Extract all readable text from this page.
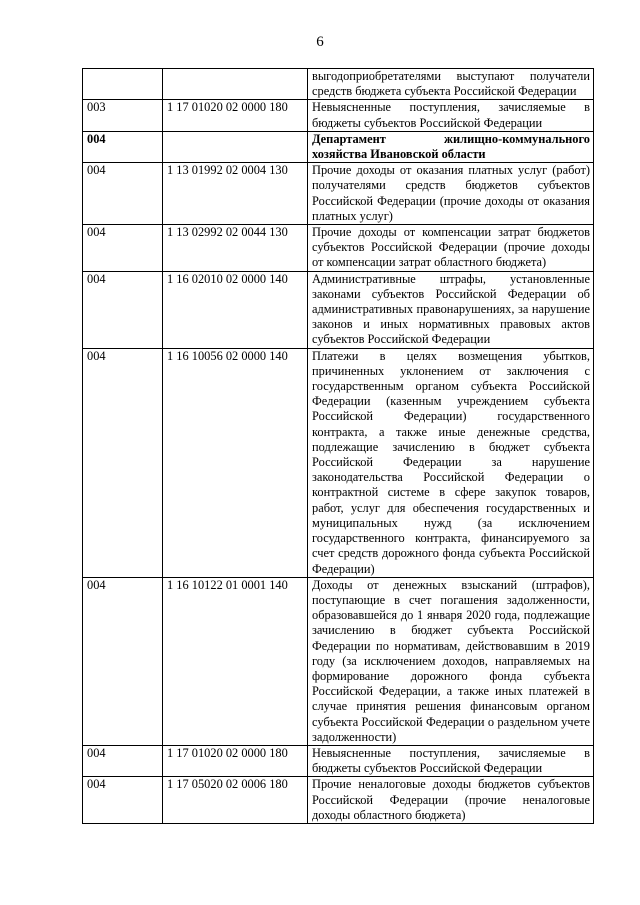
6
		выгодоприобретателями выступают получатели средств бюджета субъекта Российской Федерации
003	1 17 01020 02 0000 180	Невыясненные поступления, зачисляемые в бюджеты субъектов Российской Федерации
004		Департамент жилищно-коммунального хозяйства Ивановской области
004	1 13 01992 02 0004 130	Прочие доходы от оказания платных услуг (работ) получателями средств бюджетов субъектов Российской Федерации (прочие доходы от оказания платных услуг)
004	1 13 02992 02 0044 130	Прочие доходы от компенсации затрат бюджетов субъектов Российской Федерации (прочие доходы от компенсации затрат областного бюджета)
004	1 16 02010 02 0000 140	Административные штрафы, установленные законами субъектов Российской Федерации об административных правонарушениях, за нарушение законов и иных нормативных правовых актов субъектов Российской Федерации
004	1 16 10056 02 0000 140	Платежи в целях возмещения убытков, причиненных уклонением от заключения с государственным органом субъекта Российской Федерации (казенным учреждением субъекта Российской Федерации) государственного контракта, а также иные денежные средства, подлежащие зачислению в бюджет субъекта Российской Федерации за нарушение законодательства Российской Федерации о контрактной системе в сфере закупок товаров, работ, услуг для обеспечения государственных и муниципальных нужд (за исключением государственного контракта, финансируемого за счет средств дорожного фонда субъекта Российской Федерации)
004	1 16 10122 01 0001 140	Доходы от денежных взысканий (штрафов), поступающие в счет погашения задолженности, образовавшейся до 1 января 2020 года, подлежащие зачислению в бюджет субъекта Российской Федерации по нормативам, действовавшим в 2019 году (за исключением доходов, направляемых на формирование дорожного фонда субъекта Российской Федерации, а также иных платежей в случае принятия решения финансовым органом субъекта Российской Федерации о раздельном учете задолженности)
004	1 17 01020 02 0000 180	Невыясненные поступления, зачисляемые в бюджеты субъектов Российской Федерации
004	1 17 05020 02 0006 180	Прочие неналоговые доходы бюджетов субъектов Российской Федерации (прочие неналоговые доходы областного бюджета)
